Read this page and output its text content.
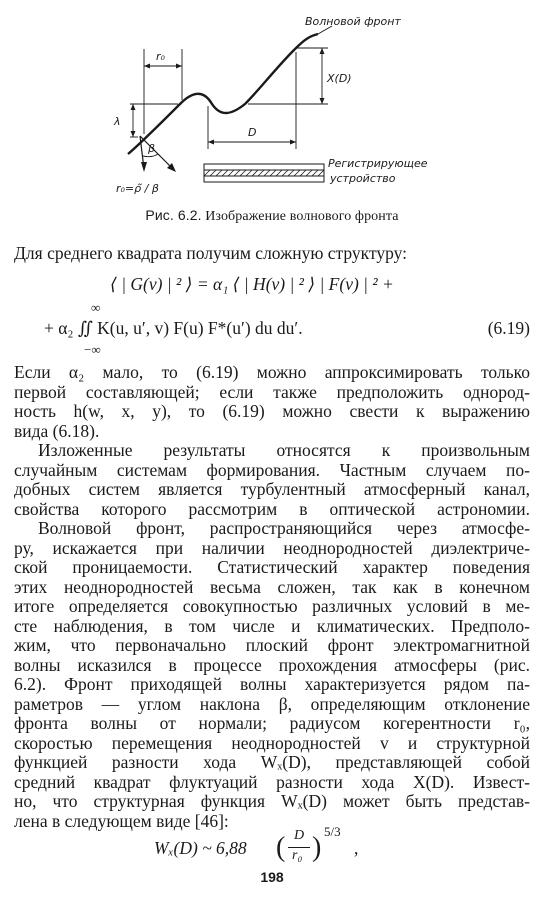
Волновой фронт
r₀
X(D)
λ
D
β
r₀=ρ̃ / β
Регистрирующее
устройство
Рис. 6.2. Изображение волнового фронта
Для среднего квадрата получим сложную структуру:
⟨ | G(v) | ² ⟩ = α₁ ⟨ | H(v) | ² ⟩ | F(v) | ² +
+ α₂ ∬ K(u, u′, v) F(u) F*(u′) du du′.
∞
−∞
(6.19)
Если α₂ мало, то (6.19) можно аппроксимировать только
первой составляющей; если также предположить однород-
ность h(w, x, y), то (6.19) можно свести к выражению
вида (6.18).
Изложенные результаты относятся к произвольным
случайным системам формирования. Частным случаем по-
добных систем является турбулентный атмосферный канал,
свойства которого рассмотрим в оптической астрономии.
Волновой фронт, распространяющийся через атмосфе-
ру, искажается при наличии неоднородностей диэлектриче-
ской проницаемости. Статистический характер поведения
этих неоднородностей весьма сложен, так как в конечном
итоге определяется совокупностью различных условий в ме-
сте наблюдения, в том числе и климатических. Предполо-
жим, что первоначально плоский фронт электромагнитной
волны исказился в процессе прохождения атмосферы (рис.
6.2). Фронт приходящей волны характеризуется рядом па-
раметров — углом наклона β, определяющим отклонение
фронта волны от нормали; радиусом когерентности r₀,
скоростью перемещения неоднородностей v и структурной
функцией разности хода Wₓ(D), представляющей собой
средний квадрат флуктуаций разности хода X(D). Извест-
но, что структурная функция Wₓ(D) может быть представ-
лена в следующем виде [46]:
Wₓ(D) ~ 6,88 ( D
r₀ )
5/3
,
198
